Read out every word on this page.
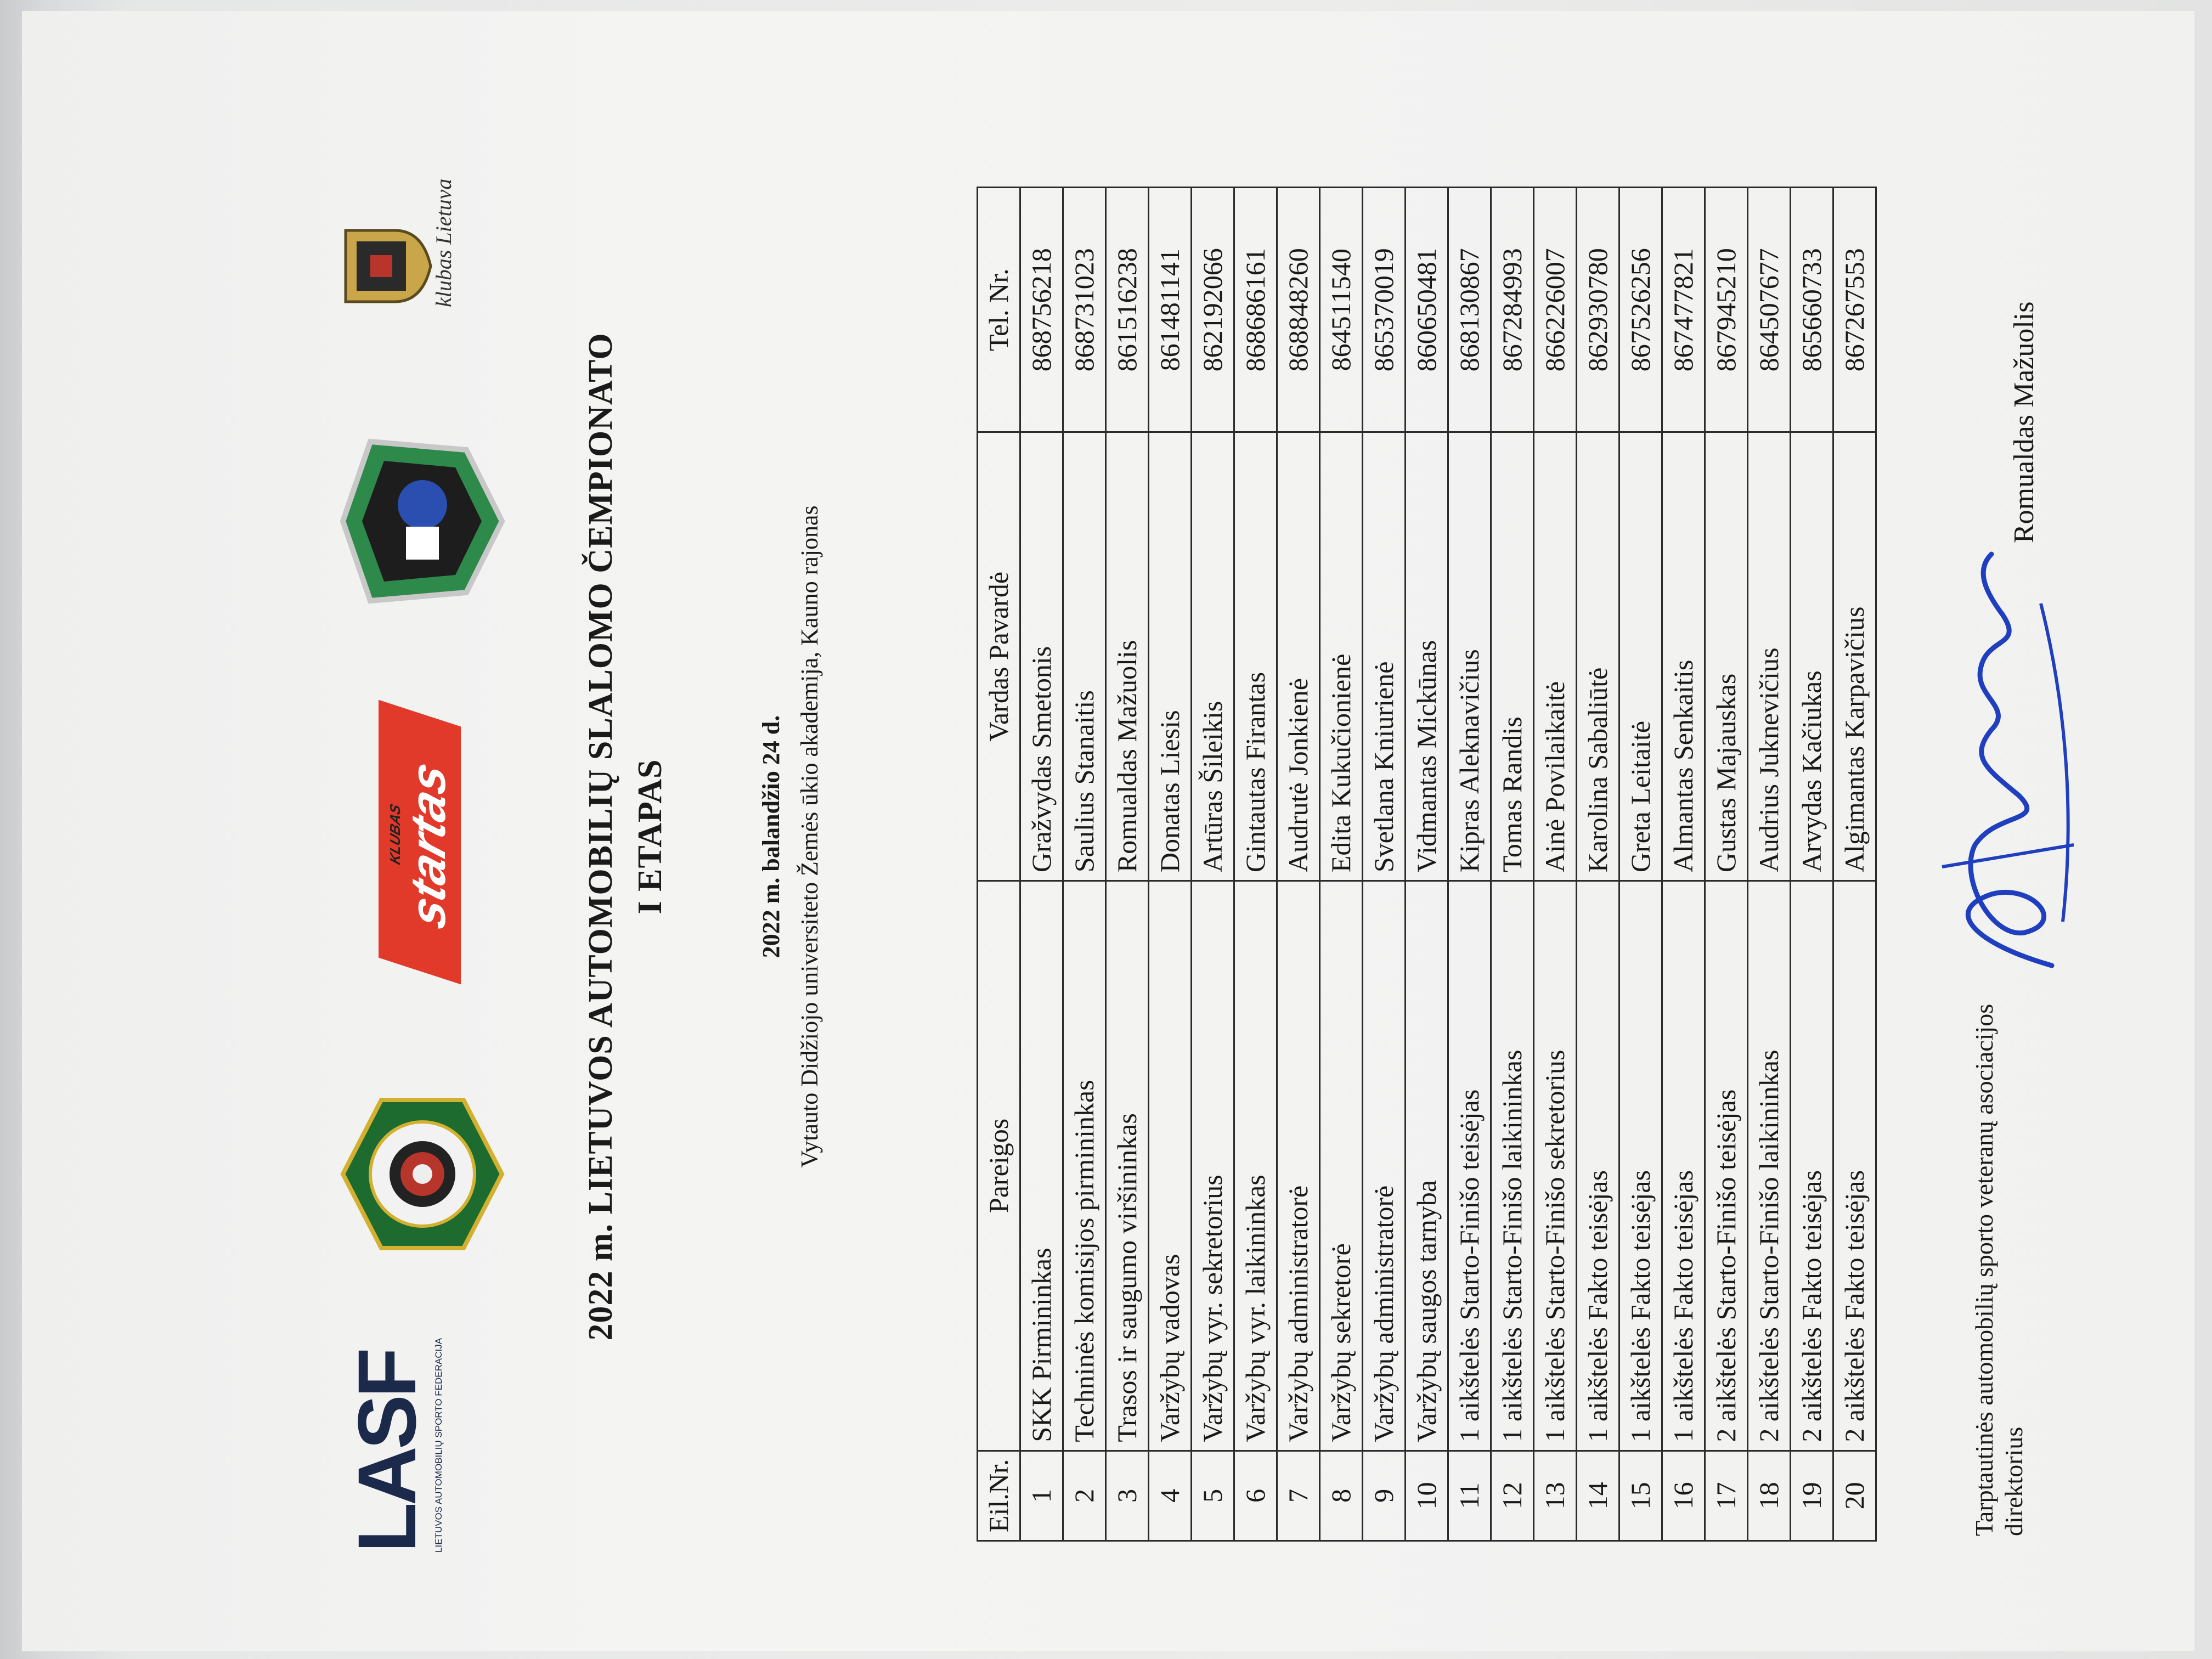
LASF LIETUVOS AUTOMOBILIŲ SPORTO FEDERACIJA
KLUBAS
startas
klubas Lietuva
2022 m. LIETUVOS AUTOMOBILIŲ SLALOMO ČEMPIONATO I ETAPAS	2022 m. balandžio 24 d. Vytauto Didžiojo universiteto Žemės ūkio akademija, Kauno rajonas
Eil.Nr.	Pareigos	Vardas Pavardė	Tel. Nr.
1	SKK Pirmininkas	Gražvydas Smetonis	868756218
2	Techninės komisijos pirmininkas	Saulius Stanaitis	868731023
3	Trasos ir saugumo viršininkas	Romualdas Mažuolis	861516238
4	Varžybų vadovas	Donatas Liesis	861481141
5	Varžybų vyr. sekretorius	Artūras Šileikis	862192066
6	Varžybų vyr. laikininkas	Gintautas Firantas	868686161
7	Varžybų administratorė	Audrutė Jonkienė	868848260
8	Varžybų sekretorė	Edita Kukučionienė	864511540
9	Varžybų administratorė	Svetlana Kniurienė	865370019
10	Varžybų saugos tarnyba	Vidmantas Mickūnas	860650481
11	1 aikštelės Starto-Finišo teisėjas	Kipras Aleknavičius	868130867
12	1 aikštelės Starto-Finišo laikininkas	Tomas Randis	867284993
13	1 aikštelės Starto-Finišo sekretorius	Ainė Povilaikaitė	866226007
14	1 aikštelės Fakto teisėjas	Karolina Sabaliūtė	862930780
15	1 aikštelės Fakto teisėjas	Greta Leitaitė	867526256
16	1 aikštelės Fakto teisėjas	Almantas Senkaitis	867477821
17	2 aikštelės Starto-Finišo teisėjas	Gustas Majauskas	867945210
18	2 aikštelės Starto-Finišo laikininkas	Audrius Juknevičius	864507677
19	2 aikštelės Fakto teisėjas	Arvydas Kačiukas	865660733
20	2 aikštelės Fakto teisėjas	Algimantas Karpavičius	867267553
Tarptautinės automobilių sporto veteranų asociacijos direktorius
Romualdas Mažuolis
